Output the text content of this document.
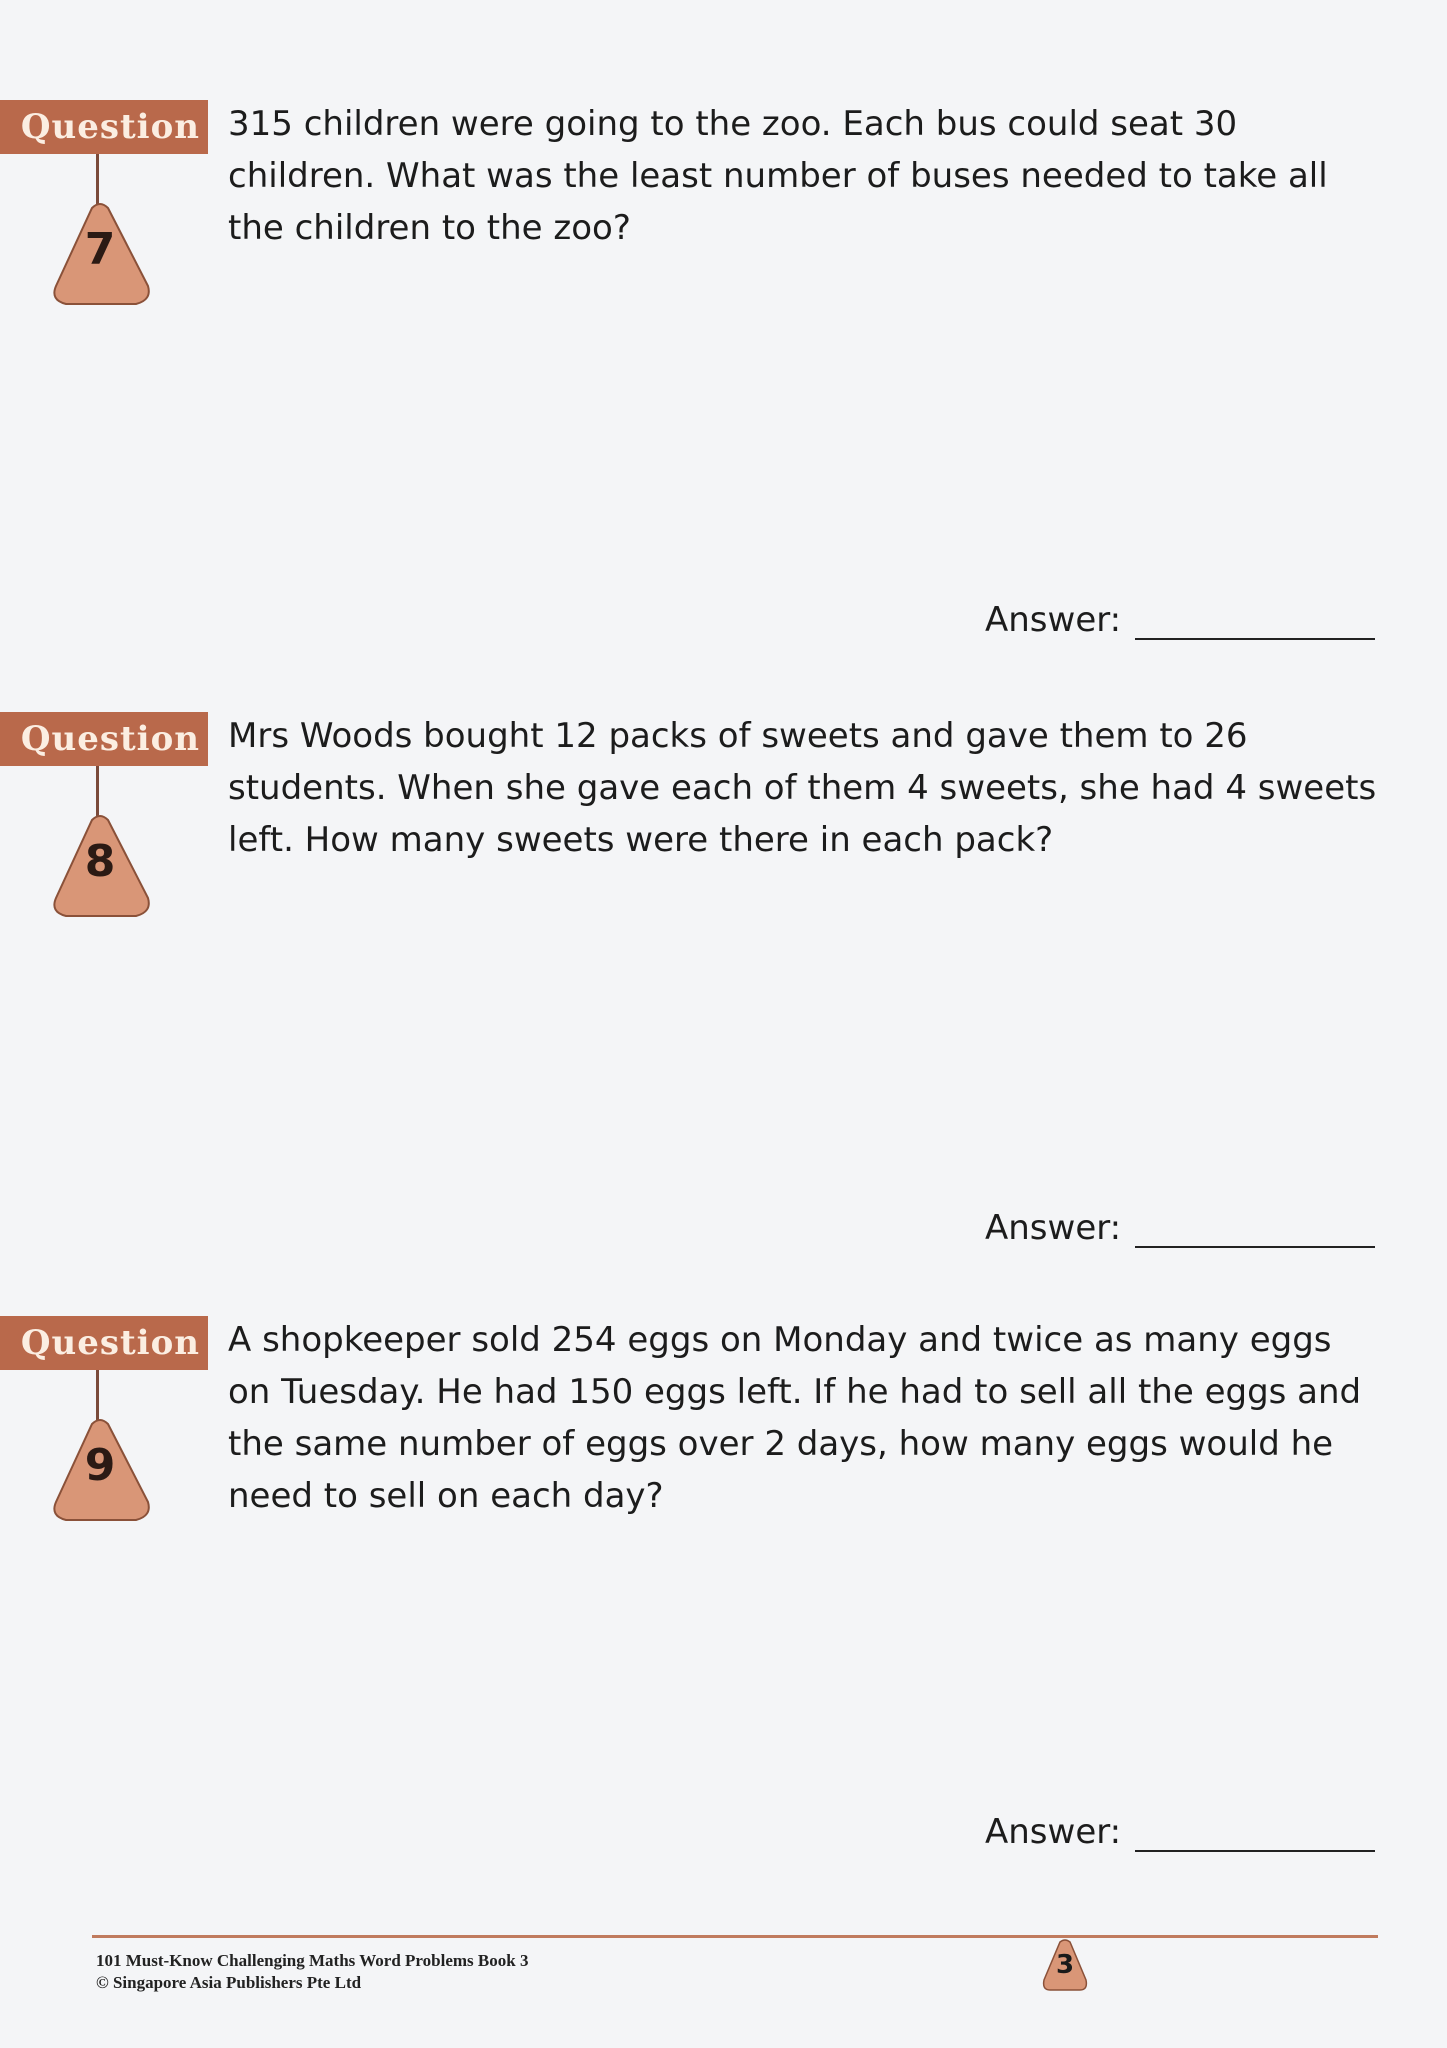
Question
7
315 children were going to the zoo. Each bus could seat 30 children. What was the least number of buses needed to take all the children to the zoo?
Answer:
Question
8
Mrs Woods bought 12 packs of sweets and gave them to 26 students. When she gave each of them 4 sweets, she had 4 sweets left. How many sweets were there in each pack?
Answer:
Question
9
A shopkeeper sold 254 eggs on Monday and twice as many eggs on Tuesday. He had 150 eggs left. If he had to sell all the eggs and the same number of eggs over 2 days, how many eggs would he need to sell on each day?
Answer:
101 Must-Know Challenging Maths Word Problems Book 3
© Singapore Asia Publishers Pte Ltd
3
